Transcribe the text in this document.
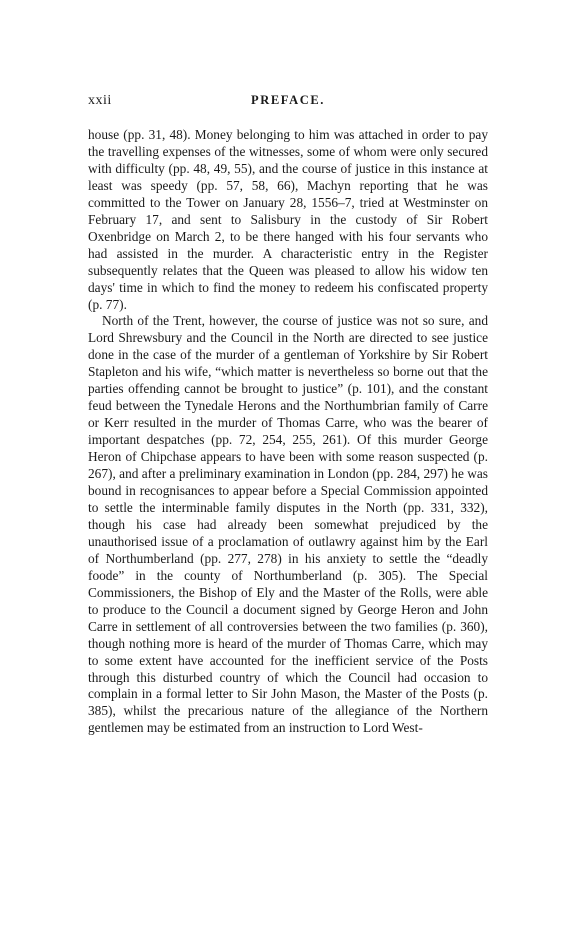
xxii	PREFACE.

house (pp. 31, 48). Money belonging to him was attached in order to pay the travelling expenses of the witnesses, some of whom were only secured with difficulty (pp. 48, 49, 55), and the course of justice in this instance at least was speedy (pp. 57, 58, 66), Machyn reporting that he was committed to the Tower on January 28, 1556–7, tried at Westminster on February 17, and sent to Salisbury in the custody of Sir Robert Oxenbridge on March 2, to be there hanged with his four servants who had assisted in the murder. A characteristic entry in the Register subsequently relates that the Queen was pleased to allow his widow ten days' time in which to find the money to redeem his confiscated property (p. 77).

North of the Trent, however, the course of justice was not so sure, and Lord Shrewsbury and the Council in the North are directed to see justice done in the case of the murder of a gentleman of Yorkshire by Sir Robert Stapleton and his wife, “which matter is nevertheless so borne out that the parties offending cannot be brought to justice” (p. 101), and the constant feud between the Tynedale Herons and the Northumbrian family of Carre or Kerr resulted in the murder of Thomas Carre, who was the bearer of important despatches (pp. 72, 254, 255, 261). Of this murder George Heron of Chipchase appears to have been with some reason suspected (p. 267), and after a preliminary examination in London (pp. 284, 297) he was bound in recognisances to appear before a Special Commission appointed to settle the interminable family disputes in the North (pp. 331, 332), though his case had already been somewhat prejudiced by the unauthorised issue of a proclamation of outlawry against him by the Earl of Northumberland (pp. 277, 278) in his anxiety to settle the “deadly foode” in the county of Northumberland (p. 305). The Special Commissioners, the Bishop of Ely and the Master of the Rolls, were able to produce to the Council a document signed by George Heron and John Carre in settlement of all controversies between the two families (p. 360), though nothing more is heard of the murder of Thomas Carre, which may to some extent have accounted for the inefficient service of the Posts through this disturbed country of which the Council had occasion to complain in a formal letter to Sir John Mason, the Master of the Posts (p. 385), whilst the precarious nature of the allegiance of the Northern gentlemen may be estimated from an instruction to Lord West-

​
​
